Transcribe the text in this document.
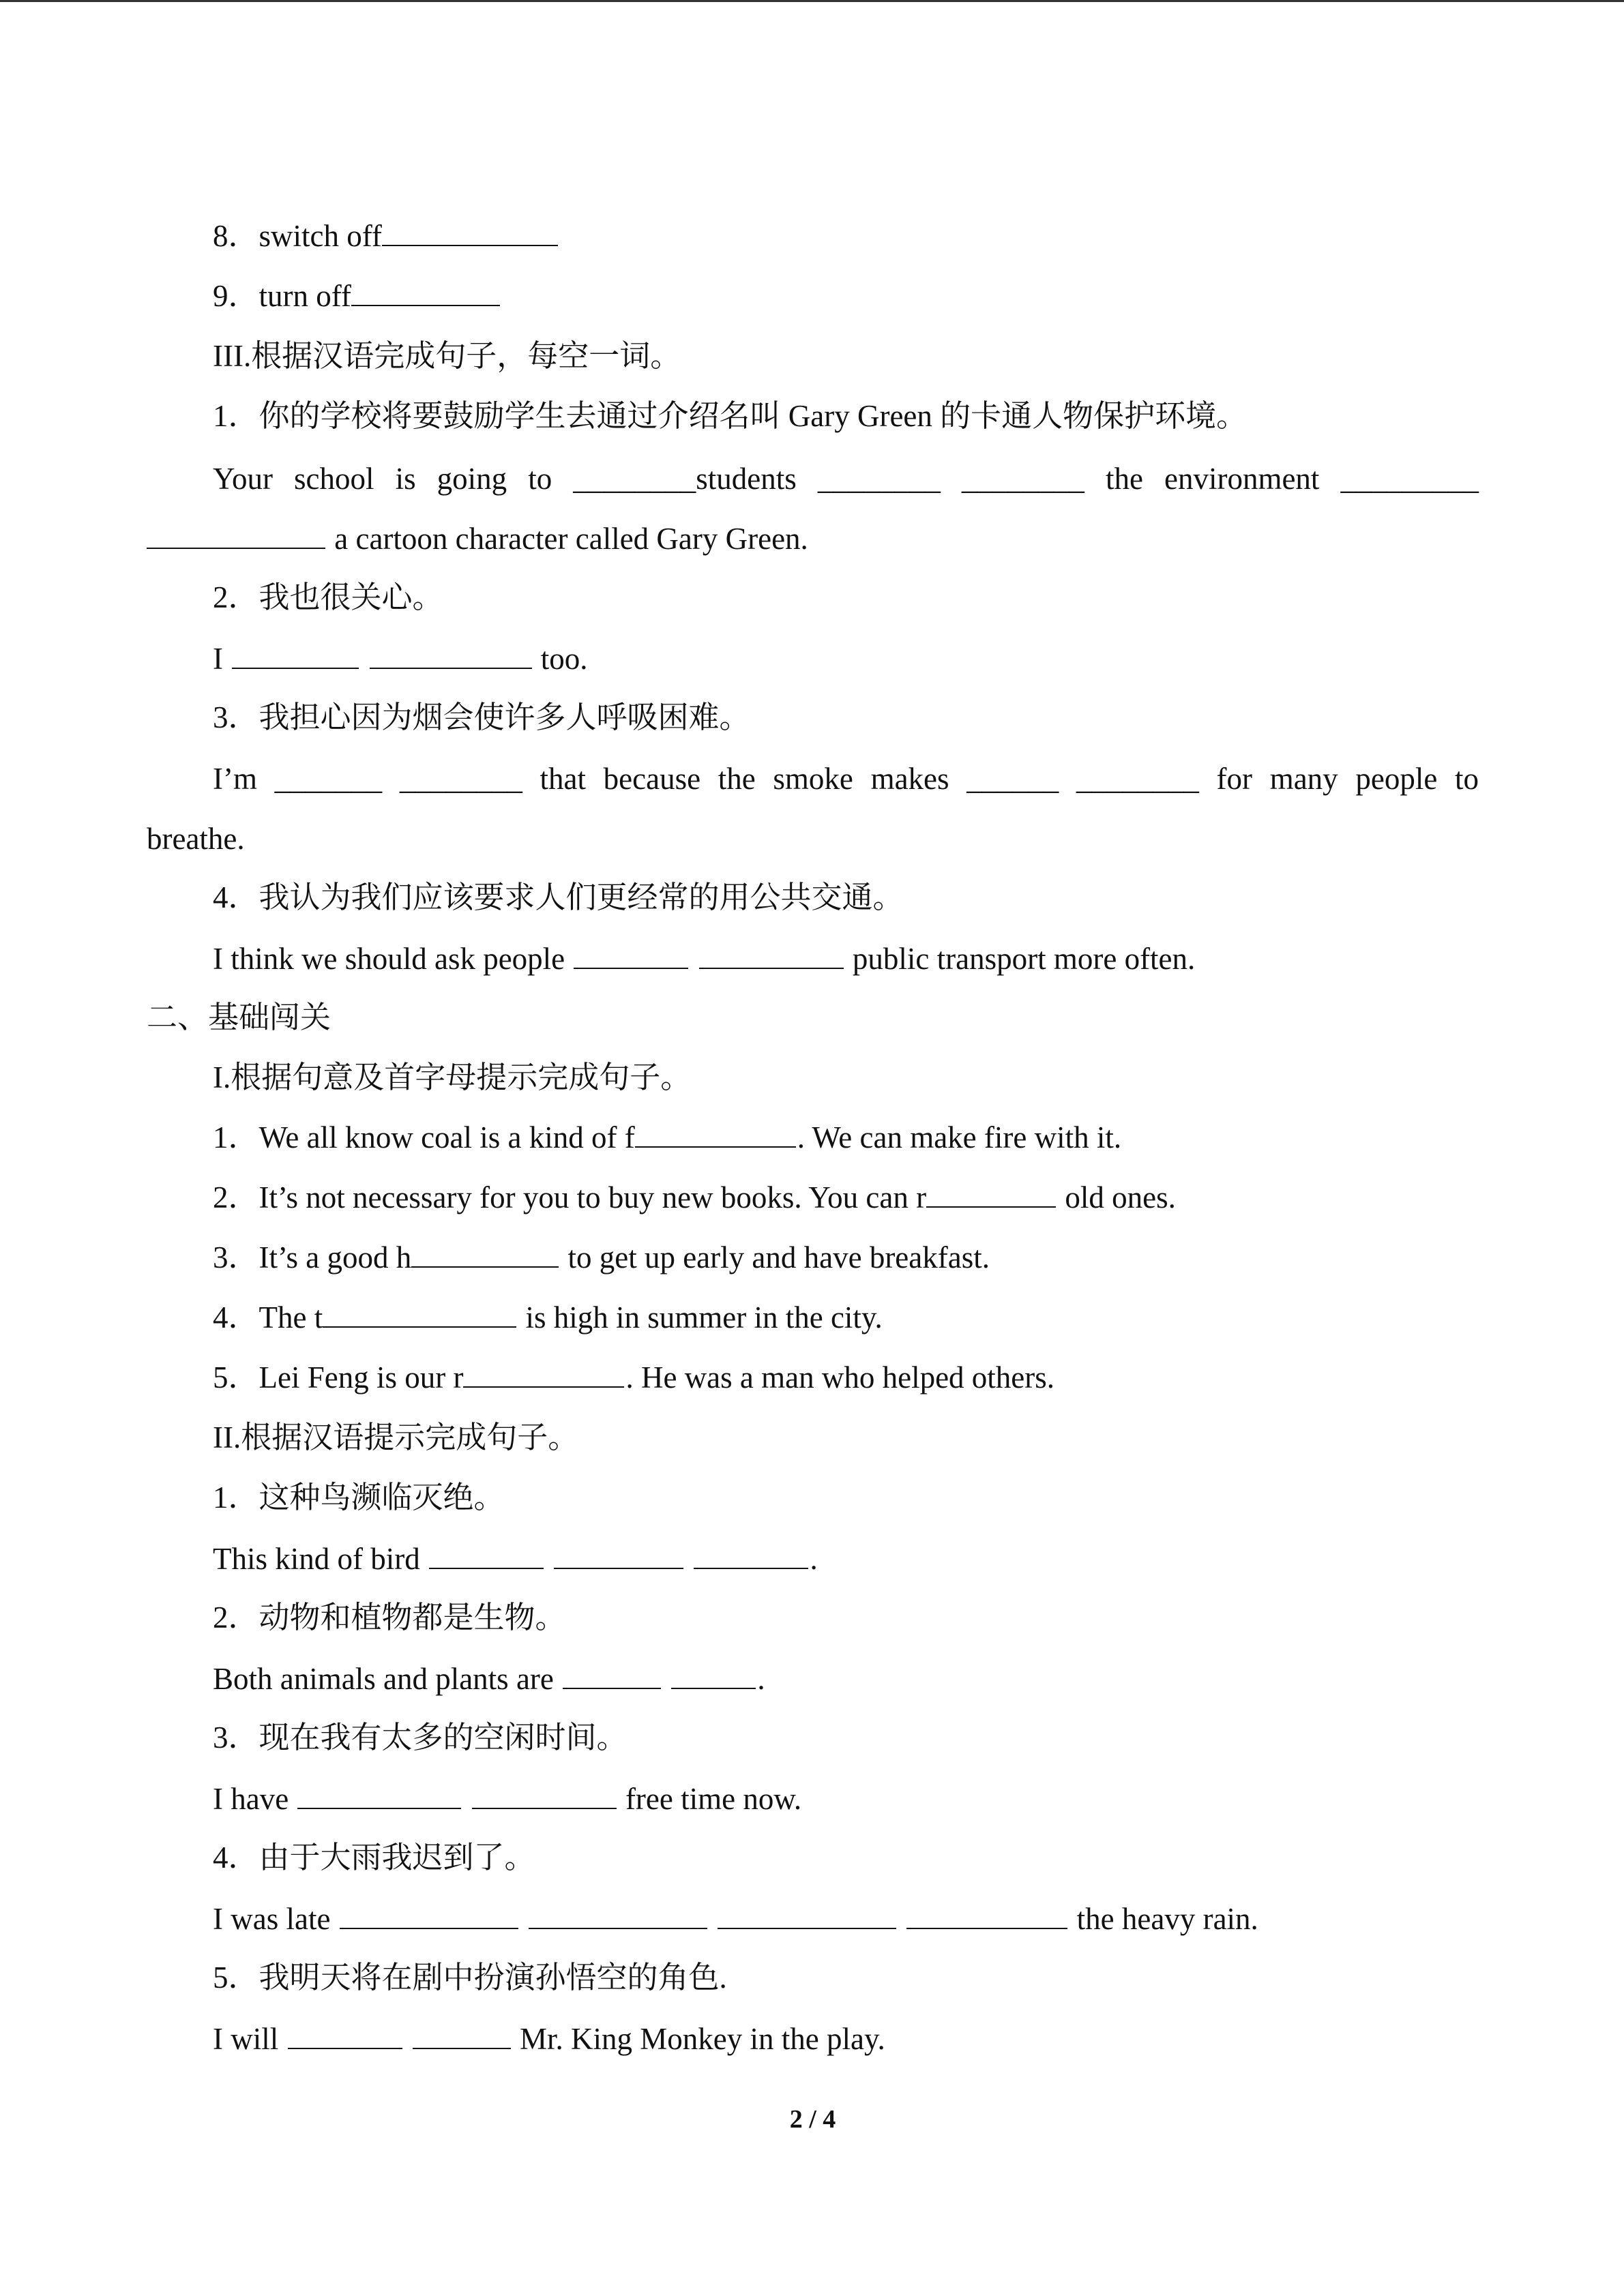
8．switch off
9．turn off
III.根据汉语完成句子，每空一词。
1．你的学校将要鼓励学生去通过介绍名叫 Gary Green 的卡通人物保护环境。
Your school is going to ________students ________ ________ the environment _________
a cartoon character called Gary Green.
2．我也很关心。
I	too.
3．我担心因为烟会使许多人呼吸困难。
I’m _______ ________ that because the smoke makes ______ ________ for many people to
breathe.
4．我认为我们应该要求人们更经常的用公共交通。
I think we should ask people	public transport more often.
二、基础闯关
I.根据句意及首字母提示完成句子。
1．We all know coal is a kind of f	. We can make fire with it.
2．It’s not necessary for you to buy new books. You can r	old ones.
3．It’s a good h	to get up early and have breakfast.
4．The t	is high in summer in the city.
5．Lei Feng is our r	. He was a man who helped others.
II.根据汉语提示完成句子。
1．这种鸟濒临灭绝。
This kind of bird	.
2．动物和植物都是生物。
Both animals and plants are	.
3．现在我有太多的空闲时间。
I have	free time now.
4．由于大雨我迟到了。
I was late	the heavy rain.
5．我明天将在剧中扮演孙悟空的角色.
I will	Mr. King Monkey in the play.
2 / 4
